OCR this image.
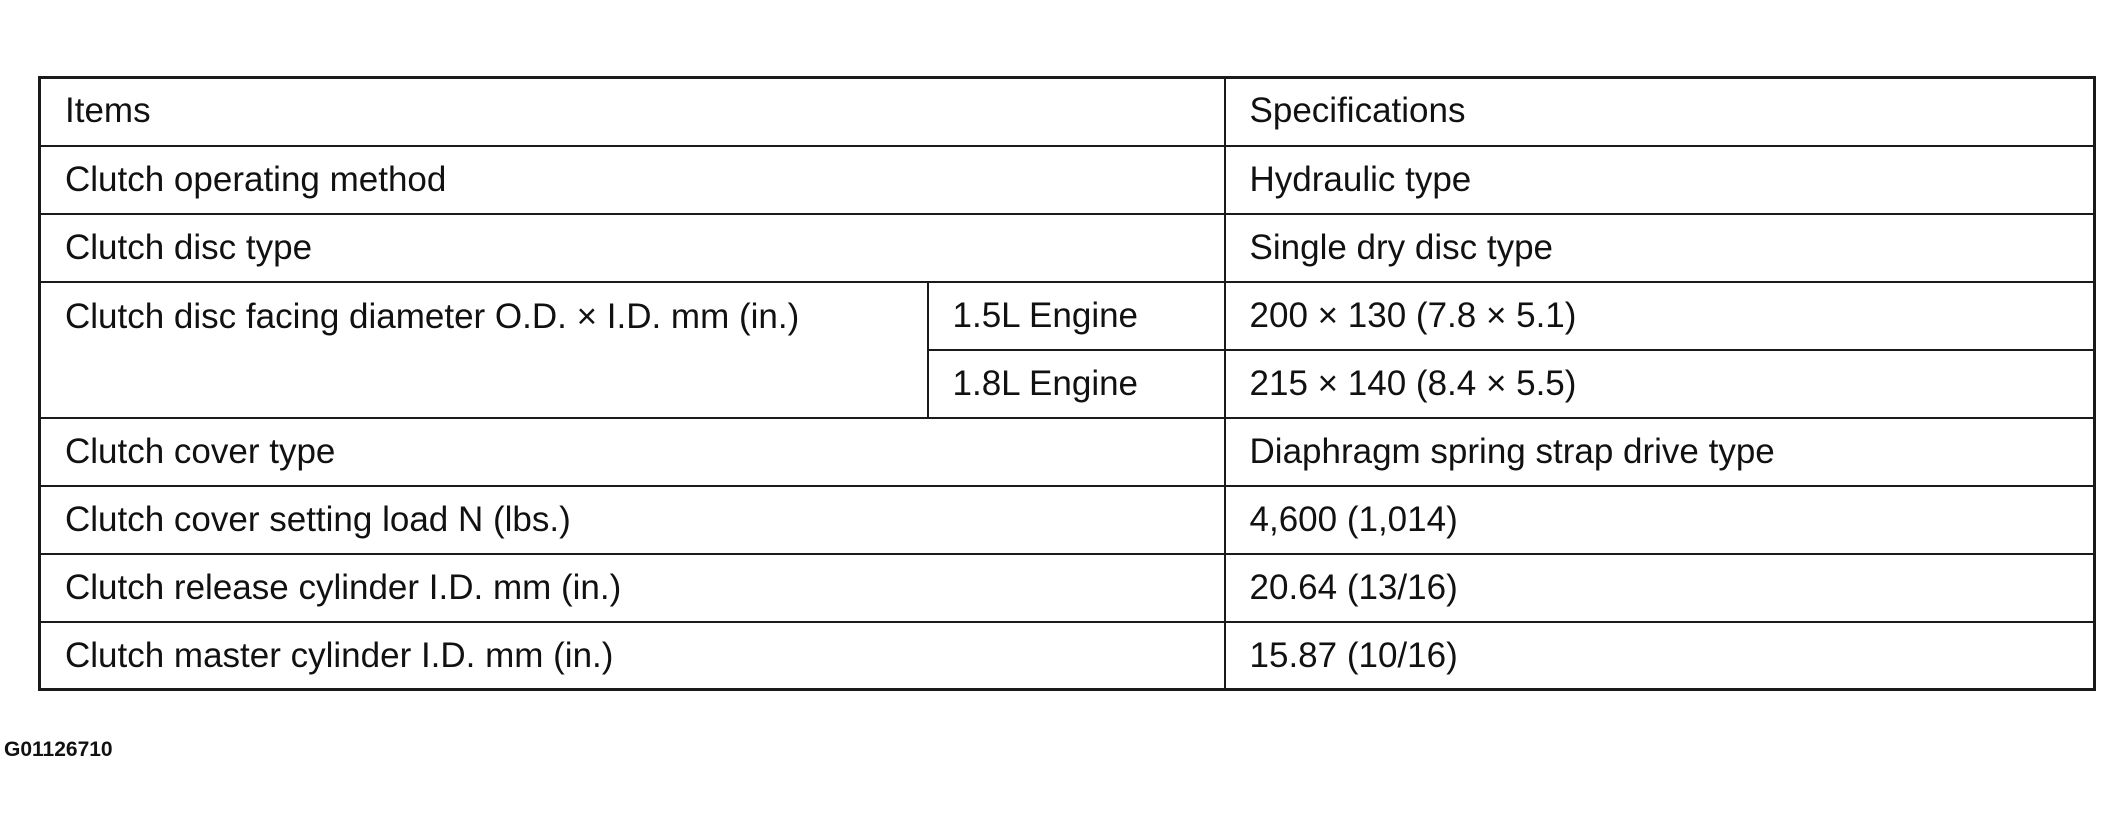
Items		Specifications
Clutch operating method		Hydraulic type
Clutch disc type		Single dry disc type
Clutch disc facing diameter O.D. × I.D. mm (in.)	1.5L Engine	200 × 130 (7.8 × 5.1)
	1.8L Engine	215 × 140 (8.4 × 5.5)
Clutch cover type		Diaphragm spring strap drive type
Clutch cover setting load N (lbs.)		4,600 (1,014)
Clutch release cylinder I.D. mm (in.)		20.64 (13/16)
Clutch master cylinder I.D. mm (in.)		15.87 (10/16)
G01126710
